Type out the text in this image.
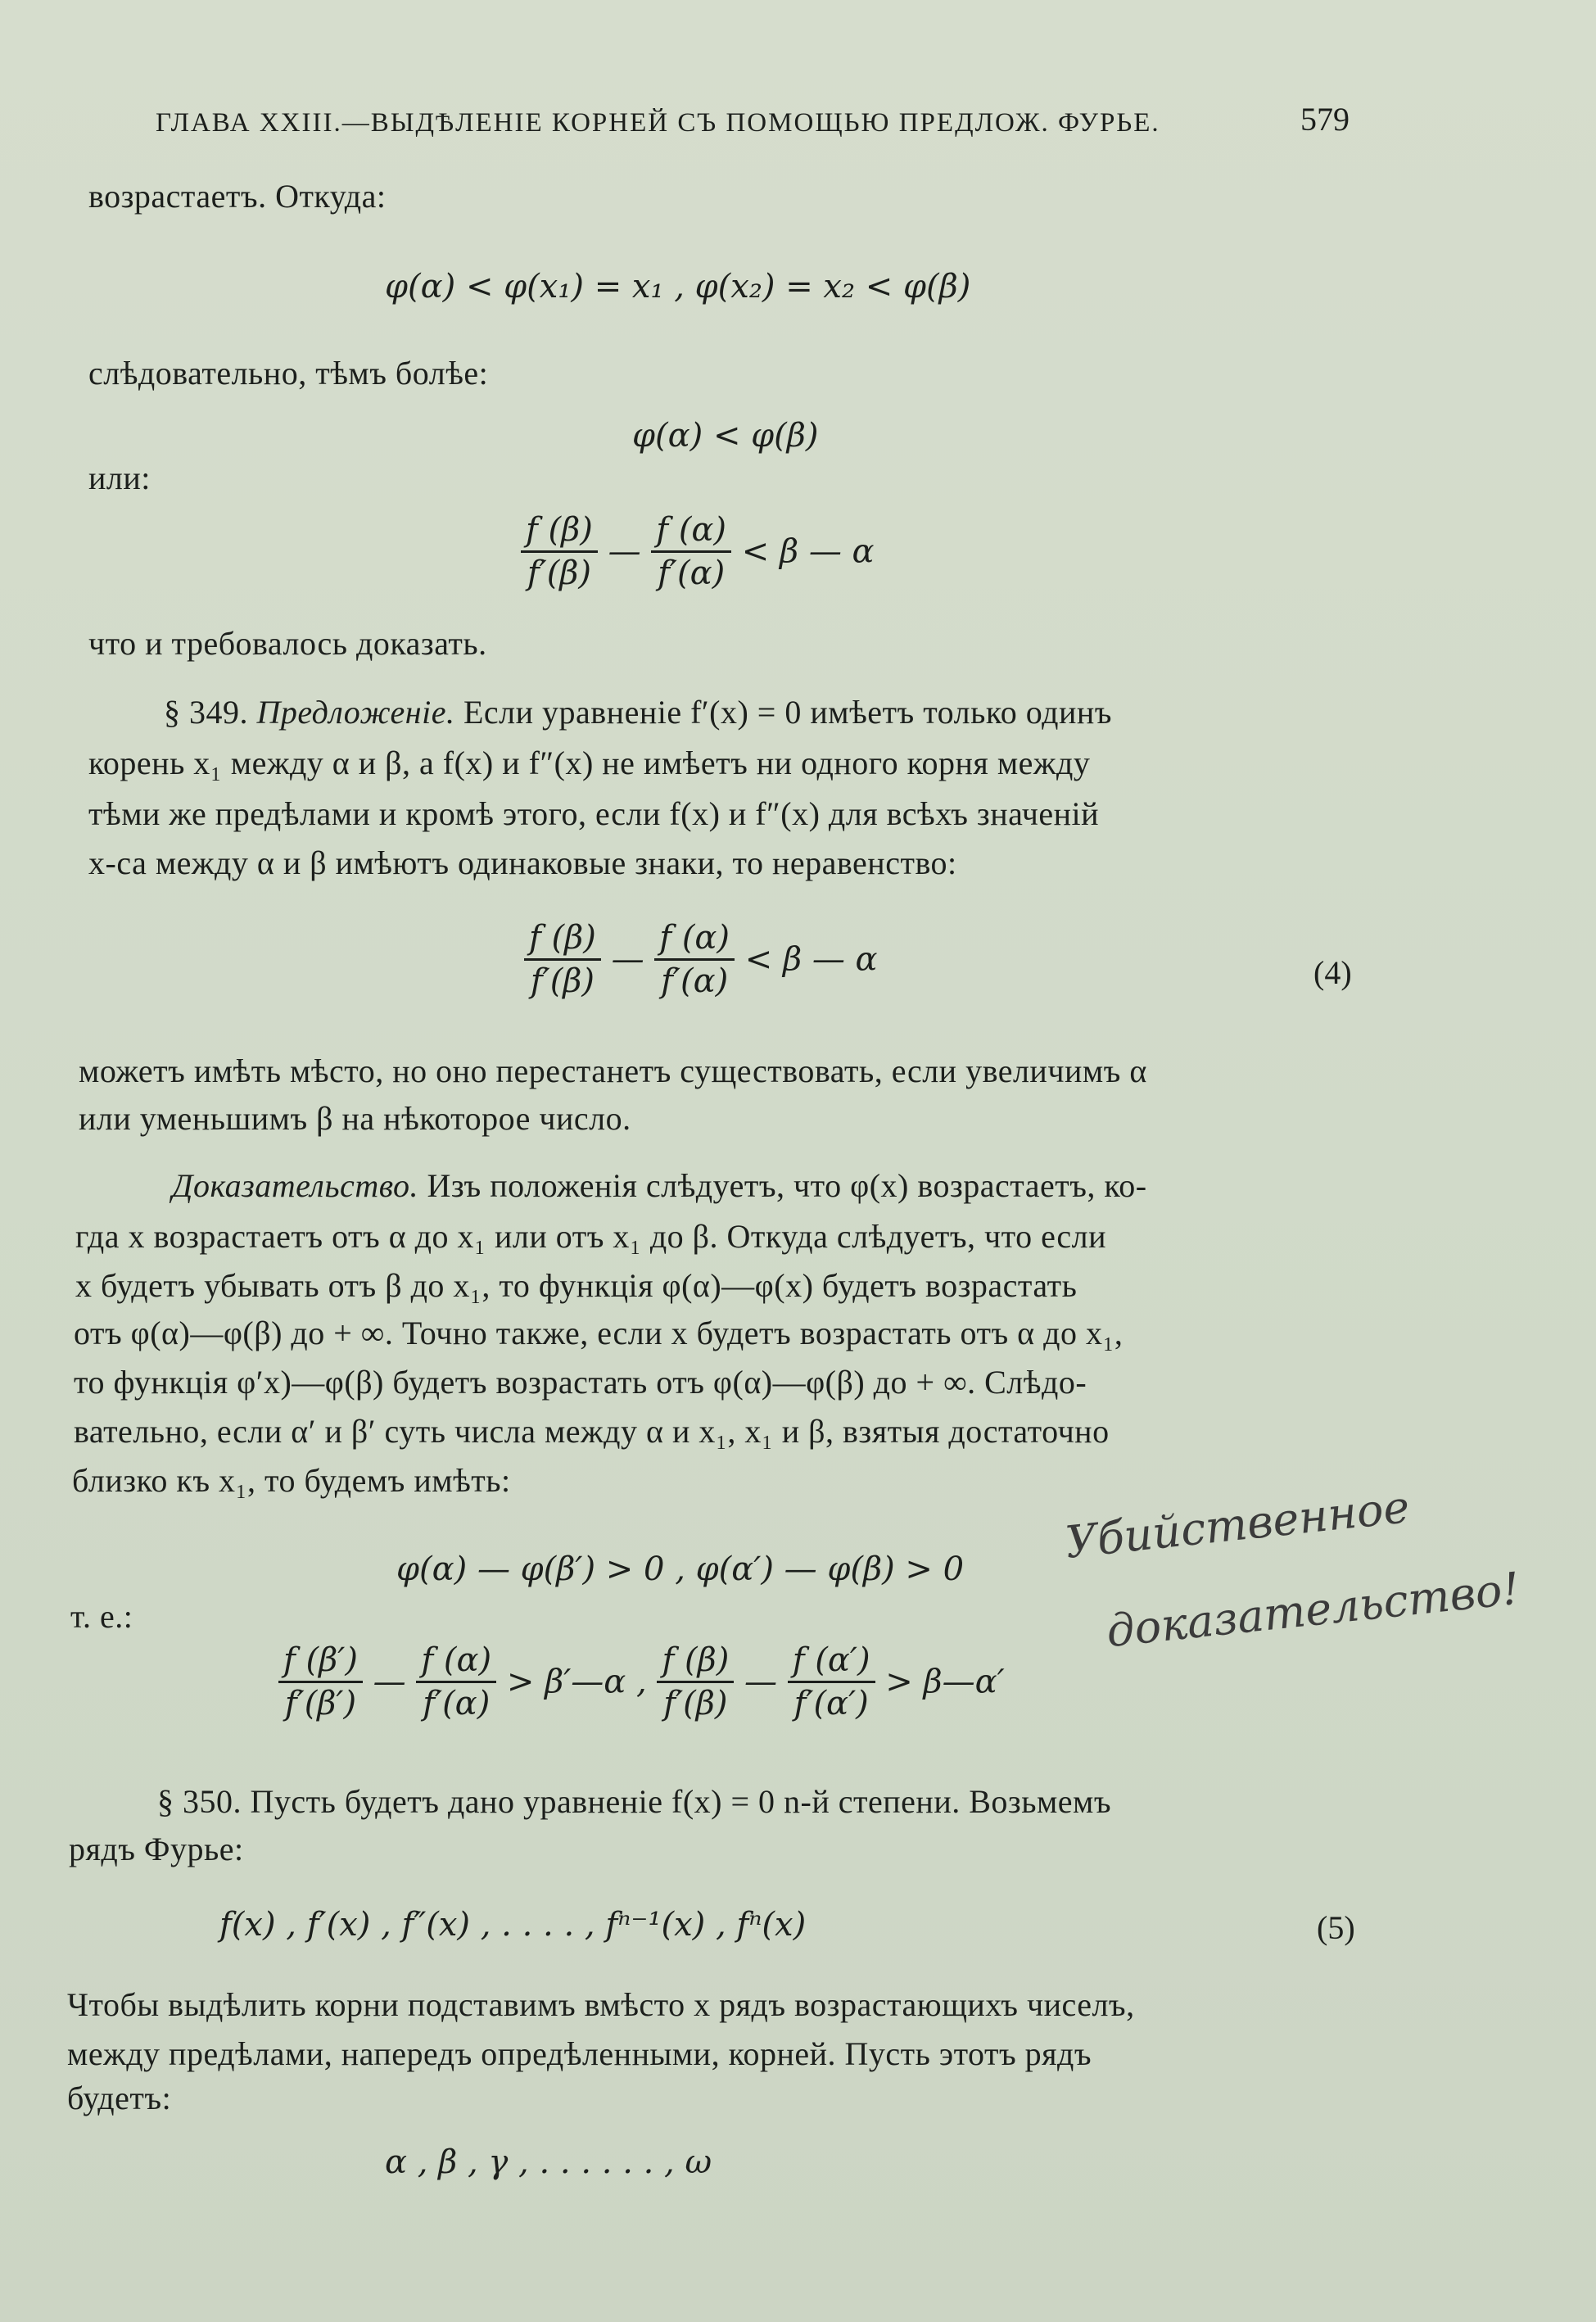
ГЛАВА XXIII.—ВЫДѢЛЕНІЕ КОРНЕЙ СЪ ПОМОЩЬЮ ПРЕДЛОЖ. ФУРЬЕ.	579
возрастаетъ. Откуда:
φ(α) < φ(x₁) = x₁ , φ(x₂) = x₂ < φ(β)
слѣдовательно, тѣмъ болѣе:
φ(α) < φ(β)
или:
$\frac{f (\beta)}{f'(\beta)}$ — $\frac{f (\alpha)}{f'(\alpha)} < \beta$ — α
что и требовалось доказать.
§ 349. Предложеніе. Если уравненіе f′(x) = 0 имѣетъ только одинъ
корень x₁ между α и β, а f(x) и f″(x) не имѣетъ ни одного корня между
тѣми же предѣлами и кромѣ этого, если f(x) и f″(x) для всѣхъ значеній
x-са между α и β имѣютъ одинаковые знаки, то неравенство:
$\frac{f (\beta)}{f'(\beta)}$ — $\frac{f (\alpha)}{f'(\alpha)} < \beta$ — α	(4)
можетъ имѣть мѣсто, но оно перестанетъ существовать, если увеличимъ α
или уменьшимъ β на нѣкоторое число.
Доказательство. Изъ положенія слѣдуетъ, что φ(x) возрастаетъ, ко-
гда x возрастаетъ отъ α до x₁ или отъ x₁ до β. Откуда слѣдуетъ, что если
x будетъ убывать отъ β до x₁, то функція φ(α)—φ(x) будетъ возрастать
отъ φ(α)—φ(β) до + ∞. Точно также, если x будетъ возрастать отъ α до x₁,
то функція φ′x)—φ(β) будетъ возрастать отъ φ(α)—φ(β) до + ∞. Слѣдо-
вательно, если α′ и β′ суть числа между α и x₁, x₁ и β, взятыя достаточно
близко къ x₁, то будемъ имѣть:
φ(α) — φ(β′) > 0 , φ(α′) — φ(β) > 0
т. е.:
$\frac{f (\beta')}{f'(\beta')}$ — $\frac{f (\alpha)}{f'(\alpha)}$ > β′—α , $\frac{f (\beta)}{f'(\beta)}$ — $\frac{f (\alpha')}{f'(\alpha')}$ > β—α′
Убийственное
доказательство!
§ 350. Пусть будетъ дано уравненіе f(x) = 0 n-й степени. Возьмемъ
рядъ Фурье:
f(x) , f′(x) , f″(x) , . . . . , fⁿ⁻¹(x) , fⁿ(x)	(5)
Чтобы выдѣлить корни подставимъ вмѣсто x рядъ возрастающихъ чиселъ,
между предѣлами, напередъ опредѣленными, корней. Пусть этотъ рядъ
будетъ:
α , β , γ , . . . . . . , ω
